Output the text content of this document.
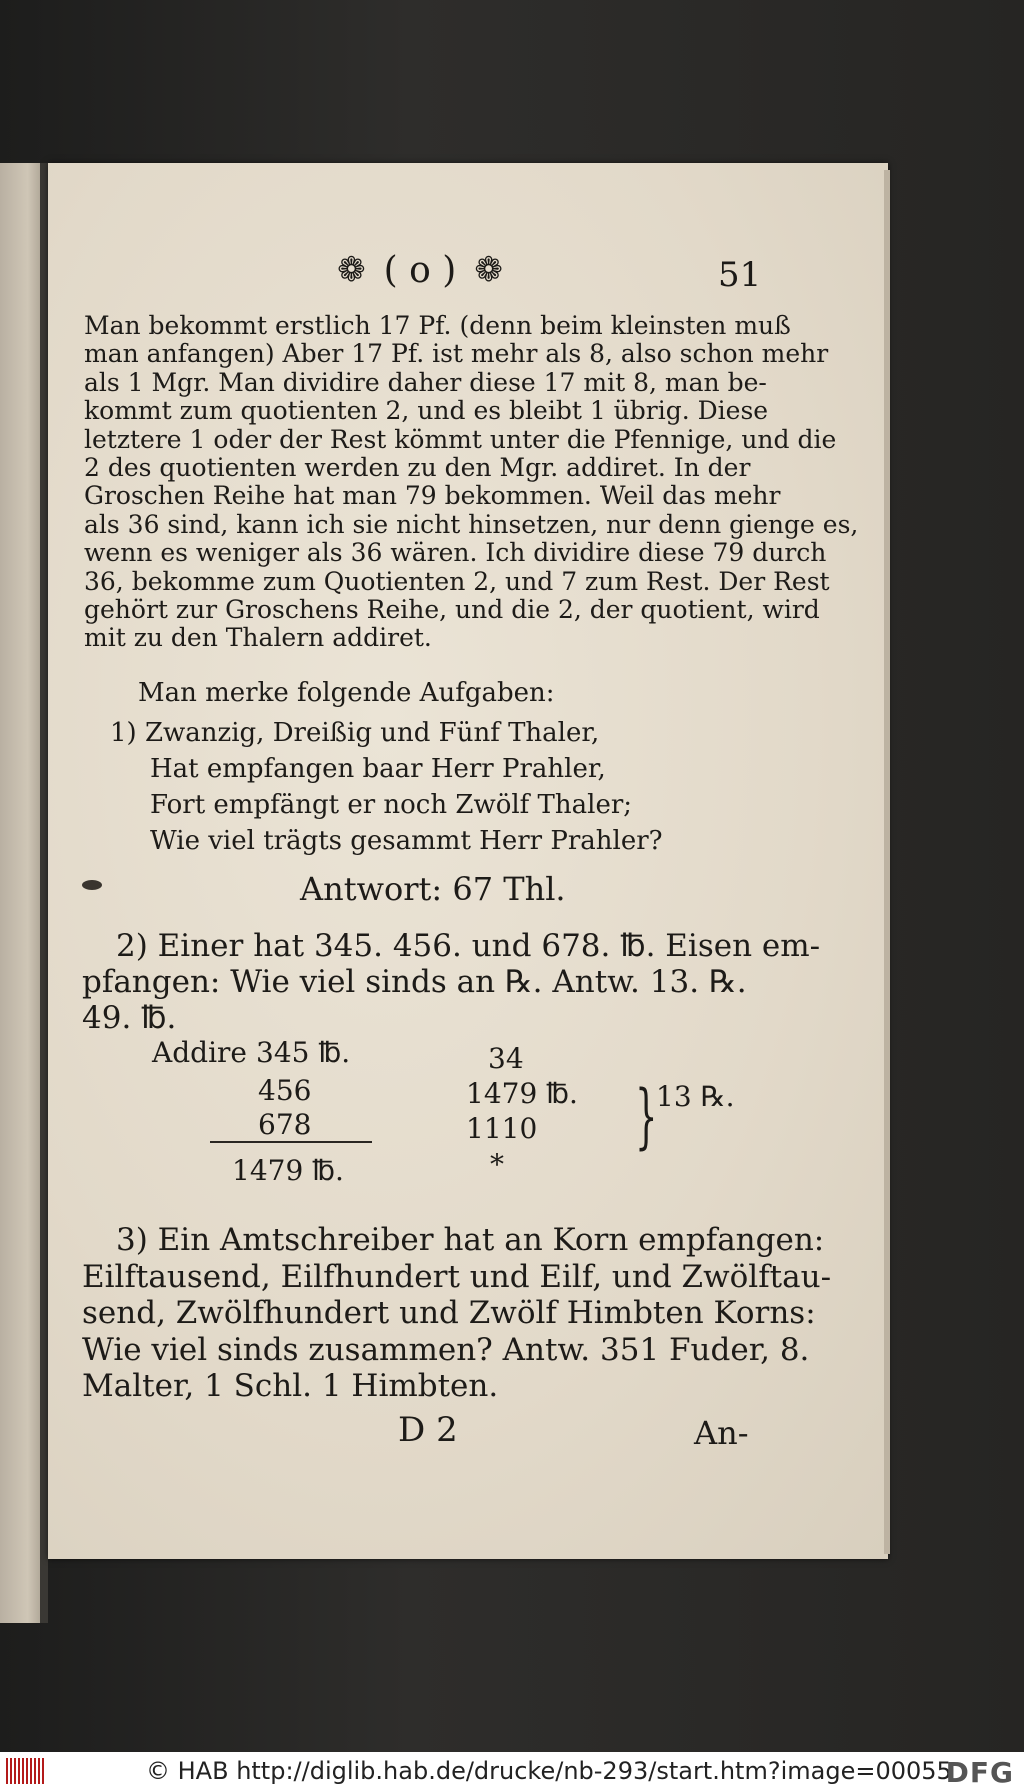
❁ ( o ) ❁	51
Man bekommt erstlich 17 Pf. (denn beim kleinsten muß
man anfangen) Aber 17 Pf. ist mehr als 8, also schon mehr
als 1 Mgr. Man dividire daher diese 17 mit 8, man be-
kommt zum quotienten 2, und es bleibt 1 übrig. Diese
letztere 1 oder der Rest kömmt unter die Pfennige, und die
2 des quotienten werden zu den Mgr. addiret. In der
Groschen Reihe hat man 79 bekommen. Weil das mehr
als 36 sind, kann ich sie nicht hinsetzen, nur denn gienge es,
wenn es weniger als 36 wären. Ich dividire diese 79 durch
36, bekomme zum Quotienten 2, und 7 zum Rest. Der Rest
gehört zur Groschens Reihe, und die 2, der quotient, wird
mit zu den Thalern addiret.
Man merke folgende Aufgaben:
1) Zwanzig, Dreißig und Fünf Thaler,
Hat empfangen baar Herr Prahler,
Fort empfängt er noch Zwölf Thaler;
Wie viel trägts gesammt Herr Prahler?
Antwort: 67 Thl.
2) Einer hat 345. 456. und 678. ℔. Eisen em-
pfangen: Wie viel sinds an ℞. Antw. 13. ℞.
49. ℔.
Addire 345 ℔.
456
678
1479 ℔.
34
1479 ℔.
1110
*
}
13 ℞.
3) Ein Amtschreiber hat an Korn empfangen:
Eilftausend, Eilfhundert und Eilf, und Zwölftau-
send, Zwölfhundert und Zwölf Himbten Korns:
Wie viel sinds zusammen? Antw. 351 Fuder, 8.
Malter, 1 Schl. 1 Himbten.
D 2	An-
© HAB http://diglib.hab.de/drucke/nb-293/start.htm?image=00055
DFG
